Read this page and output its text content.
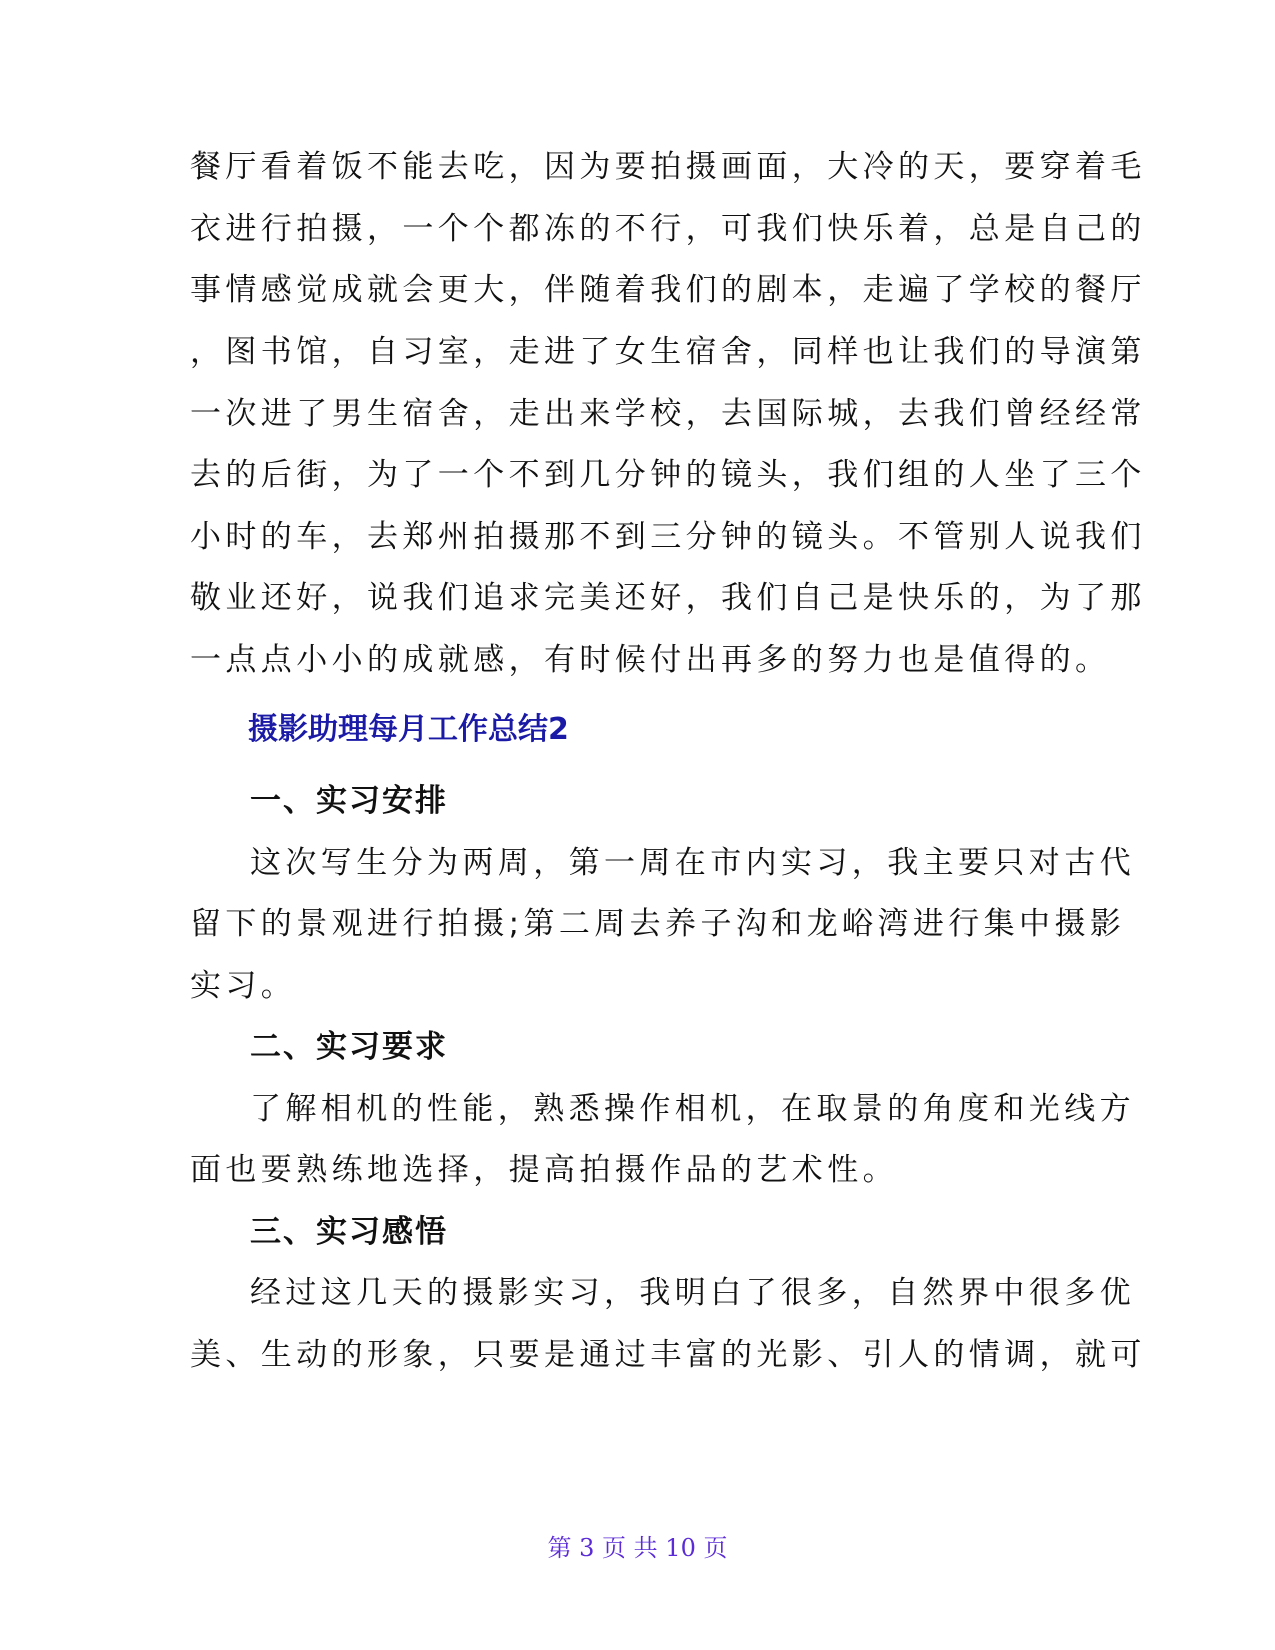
餐厅看着饭不能去吃，因为要拍摄画面，大冷的天，要穿着毛
衣进行拍摄，一个个都冻的不行，可我们快乐着，总是自己的
事情感觉成就会更大，伴随着我们的剧本，走遍了学校的餐厅
，图书馆，自习室，走进了女生宿舍，同样也让我们的导演第
一次进了男生宿舍，走出来学校，去国际城，去我们曾经经常
去的后街，为了一个不到几分钟的镜头，我们组的人坐了三个
小时的车，去郑州拍摄那不到三分钟的镜头。不管别人说我们
敬业还好，说我们追求完美还好，我们自己是快乐的，为了那
一点点小小的成就感，有时候付出再多的努力也是值得的。
摄影助理每月工作总结2
一、实习安排
这次写生分为两周，第一周在市内实习，我主要只对古代
留下的景观进行拍摄;第二周去养子沟和龙峪湾进行集中摄影
实习。
二、实习要求
了解相机的性能，熟悉操作相机，在取景的角度和光线方
面也要熟练地选择，提高拍摄作品的艺术性。
三、实习感悟
经过这几天的摄影实习，我明白了很多，自然界中很多优
美、生动的形象，只要是通过丰富的光影、引人的情调，就可
第 3 页 共 10 页
